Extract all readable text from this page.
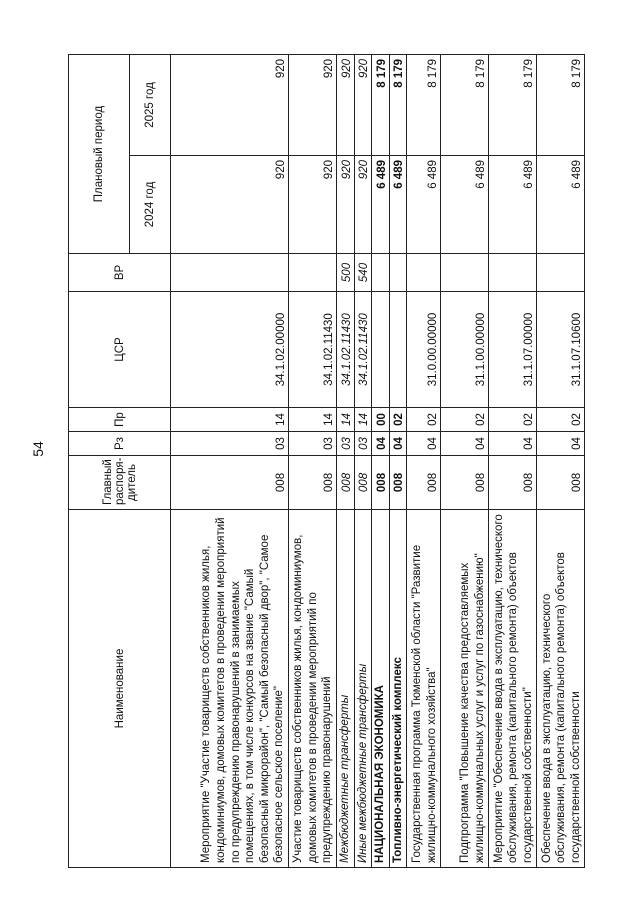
54
Наименование	Главный распоря-дитель	Рз	Пр	ЦСР	ВР	Плановый период	
						2024 год	2025 год
Мероприятие "Участие товариществ собственников жилья, кондоминиумов, домовых комитетов в проведении мероприятий по предупреждению правонарушений в занимаемых помещениях, в том числе конкурсов на звание "Самый безопасный микрорайон", "Самый безопасный двор", "Самое безопасное сельское поселение"	008	03	14	34.1.02.00000		920	920
Участие товариществ собственников жилья, кондоминиумов, домовых комитетов в проведении мероприятий по предупреждению правонарушений	008	03	14	34.1.02.11430		920	920
Межбюджетные трансферты	008	03	14	34.1.02.11430	500	920	920
Иные межбюджетные трансферты	008	03	14	34.1.02.11430	540	920	920
НАЦИОНАЛЬНАЯ ЭКОНОМИКА	008	04	00			6 489	8 179
Топливно-энергетический комплекс	008	04	02			6 489	8 179
Государственная программа Тюменской области "Развитие жилищно-коммунального хозяйства"	008	04	02	31.0.00.00000		6 489	8 179
Подпрограмма "Повышение качества предоставляемых жилищно-коммунальных услуг и услуг по газоснабжению"	008	04	02	31.1.00.00000		6 489	8 179
Мероприятие "Обеспечение ввода в эксплуатацию, технического обслуживания, ремонта (капитального ремонта) объектов государственной собственности"	008	04	02	31.1.07.00000		6 489	8 179
Обеспечение ввода в эксплуатацию, технического обслуживания, ремонта (капитального ремонта) объектов государственной собственности	008	04	02	31.1.07.10600		6 489	8 179
